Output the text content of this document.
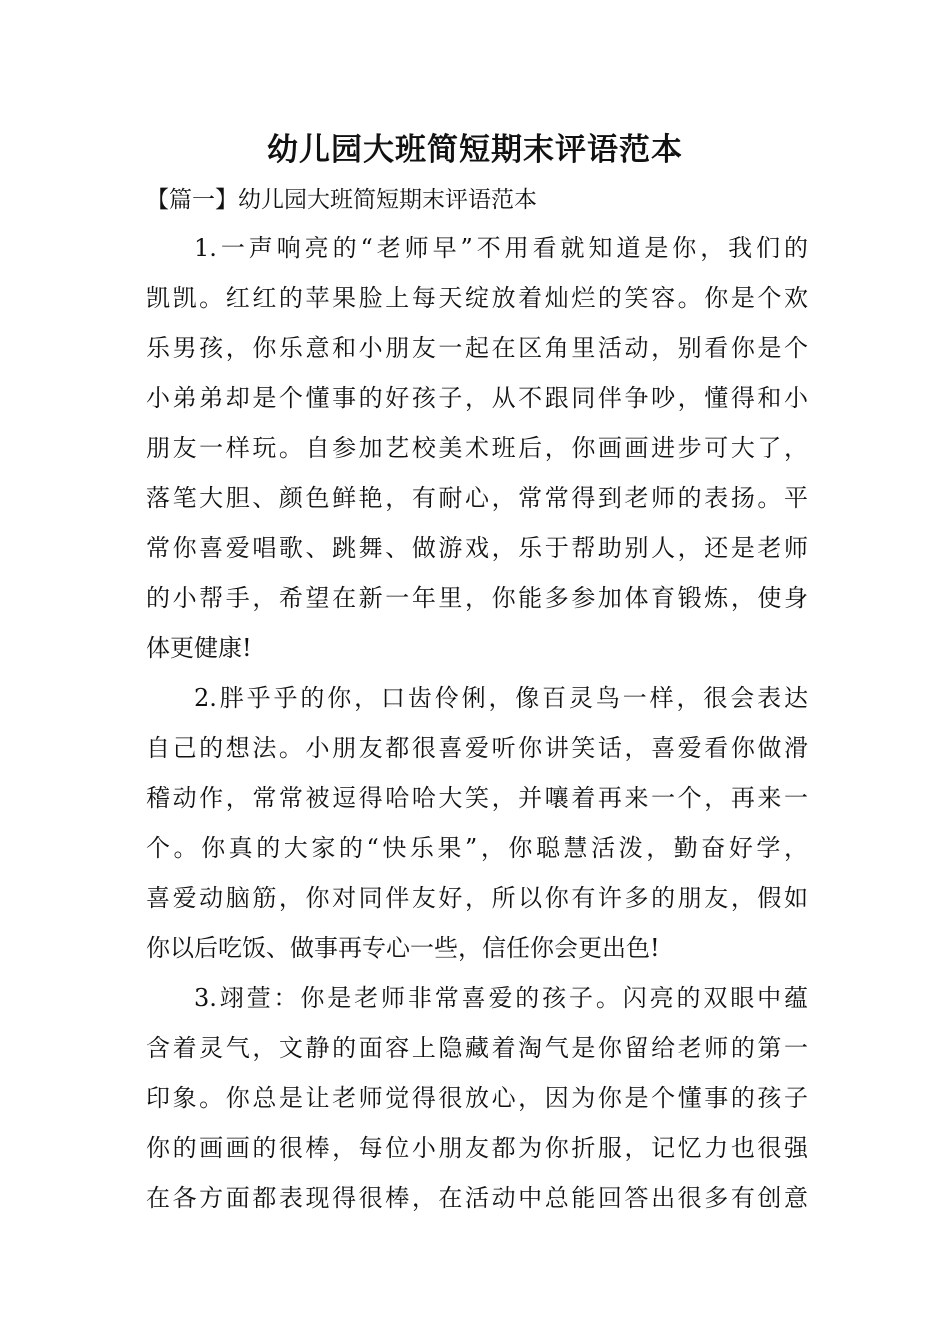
幼儿园大班简短期末评语范本
【篇一】幼儿园大班简短期末评语范本
1.一声响亮的“老师早”不用看就知道是你，我们的
凯凯。红红的苹果脸上每天绽放着灿烂的笑容。你是个欢
乐男孩，你乐意和小朋友一起在区角里活动，别看你是个
小弟弟却是个懂事的好孩子，从不跟同伴争吵，懂得和小
朋友一样玩。自参加艺校美术班后，你画画进步可大了，
落笔大胆、颜色鲜艳，有耐心，常常得到老师的表扬。平
常你喜爱唱歌、跳舞、做游戏，乐于帮助别人，还是老师
的小帮手，希望在新一年里，你能多参加体育锻炼，使身
体更健康!
2.胖乎乎的你，口齿伶俐，像百灵鸟一样，很会表达
自己的想法。小朋友都很喜爱听你讲笑话，喜爱看你做滑
稽动作，常常被逗得哈哈大笑，并嚷着再来一个，再来一
个。你真的大家的“快乐果”，你聪慧活泼，勤奋好学，
喜爱动脑筋，你对同伴友好，所以你有许多的朋友，假如
你以后吃饭、做事再专心一些，信任你会更出色!
3.翊萱：你是老师非常喜爱的孩子。闪亮的双眼中蕴
含着灵气，文静的面容上隐藏着淘气是你留给老师的第一
印象。你总是让老师觉得很放心，因为你是个懂事的孩子
你的画画的很棒，每位小朋友都为你折服，记忆力也很强
在各方面都表现得很棒，在活动中总能回答出很多有创意
